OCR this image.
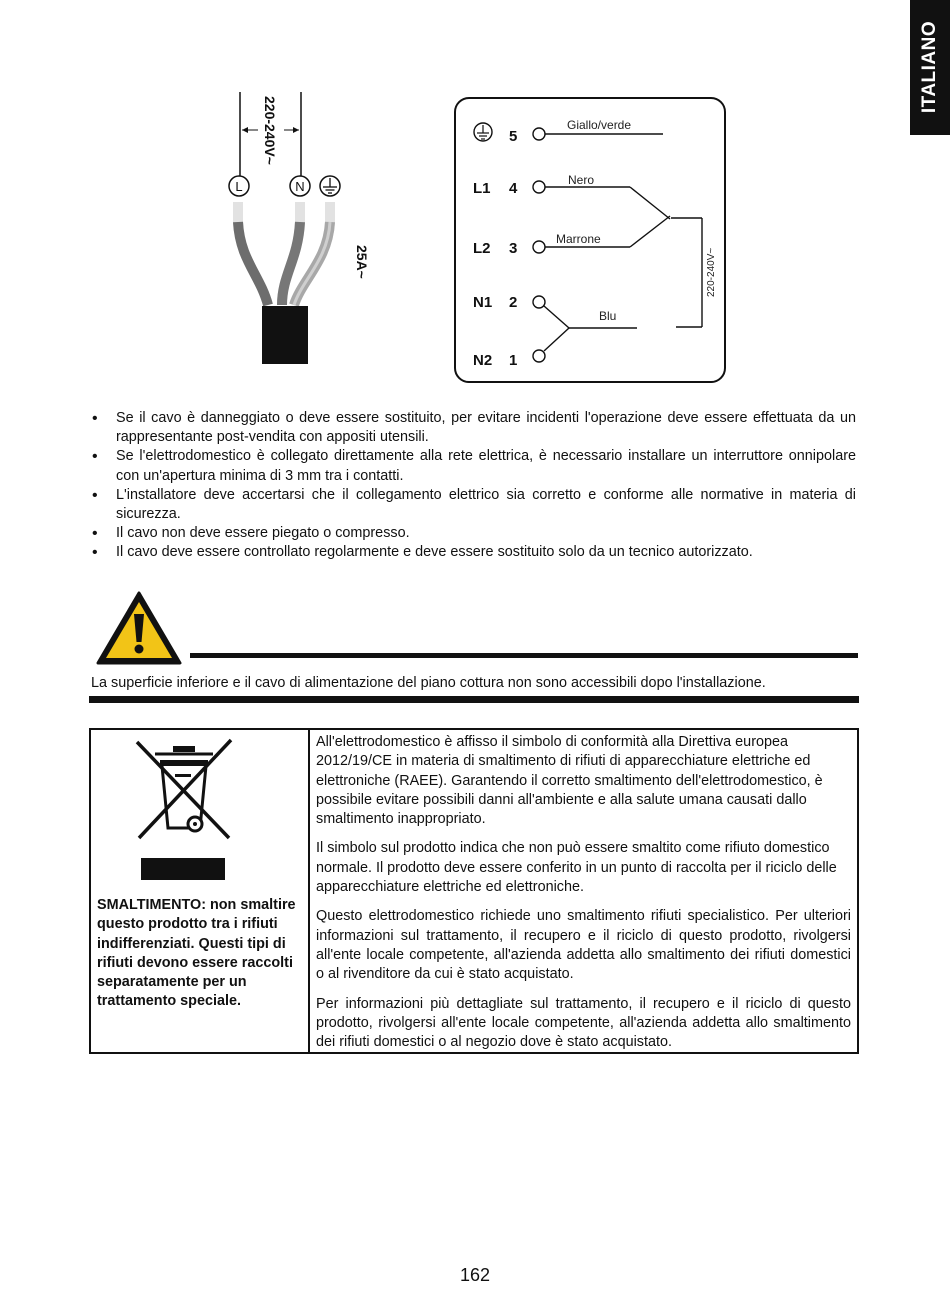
ITALIANO
220-240V~
L	N
25A~
L1
L2
N1
N2
5
4
3
2
1
Giallo/verde
Nero
Marrone
Blu
220-240V~
• Se il cavo è danneggiato o deve essere sostituito, per evitare incidenti l'operazione deve essere effettuata da un rappresentante post-vendita con appositi utensili.
• Se l'elettrodomestico è collegato direttamente alla rete elettrica, è necessario installare un interruttore onnipolare con un'apertura minima di 3 mm tra i contatti.
• L'installatore deve accertarsi che il collegamento elettrico sia corretto e conforme alle normative in materia di sicurezza.
• Il cavo non deve essere piegato o compresso.
• Il cavo deve essere controllato regolarmente e deve essere sostituito solo da un tecnico autorizzato.
La superficie inferiore e il cavo di alimentazione del piano cottura non sono accessibili dopo l'installazione.
SMALTIMENTO: non smaltire questo prodotto tra i rifiuti indifferenziati. Questi tipi di rifiuti devono essere raccolti separatamente per un trattamento speciale.

All'elettrodomestico è affisso il simbolo di conformità alla Direttiva europea 2012/19/CE in materia di smaltimento di rifiuti di apparecchiature elettriche ed elettroniche (RAEE). Garantendo il corretto smaltimento dell'elettrodomestico, è possibile evitare possibili danni all'ambiente e alla salute umana causati dallo smaltimento inappropriato.

Il simbolo sul prodotto indica che non può essere smaltito come rifiuto domestico normale. Il prodotto deve essere conferito in un punto di raccolta per il riciclo delle apparecchiature elettriche ed elettroniche.

Questo elettrodomestico richiede uno smaltimento rifiuti specialistico. Per ulteriori informazioni sul trattamento, il recupero e il riciclo di questo prodotto, rivolgersi all'ente locale competente, all'azienda addetta allo smaltimento dei rifiuti domestici o al rivenditore da cui è stato acquistato.

Per informazioni più dettagliate sul trattamento, il recupero e il riciclo di questo prodotto, rivolgersi all'ente locale competente, all'azienda addetta allo smaltimento dei rifiuti domestici o al negozio dove è stato acquistato.

162
